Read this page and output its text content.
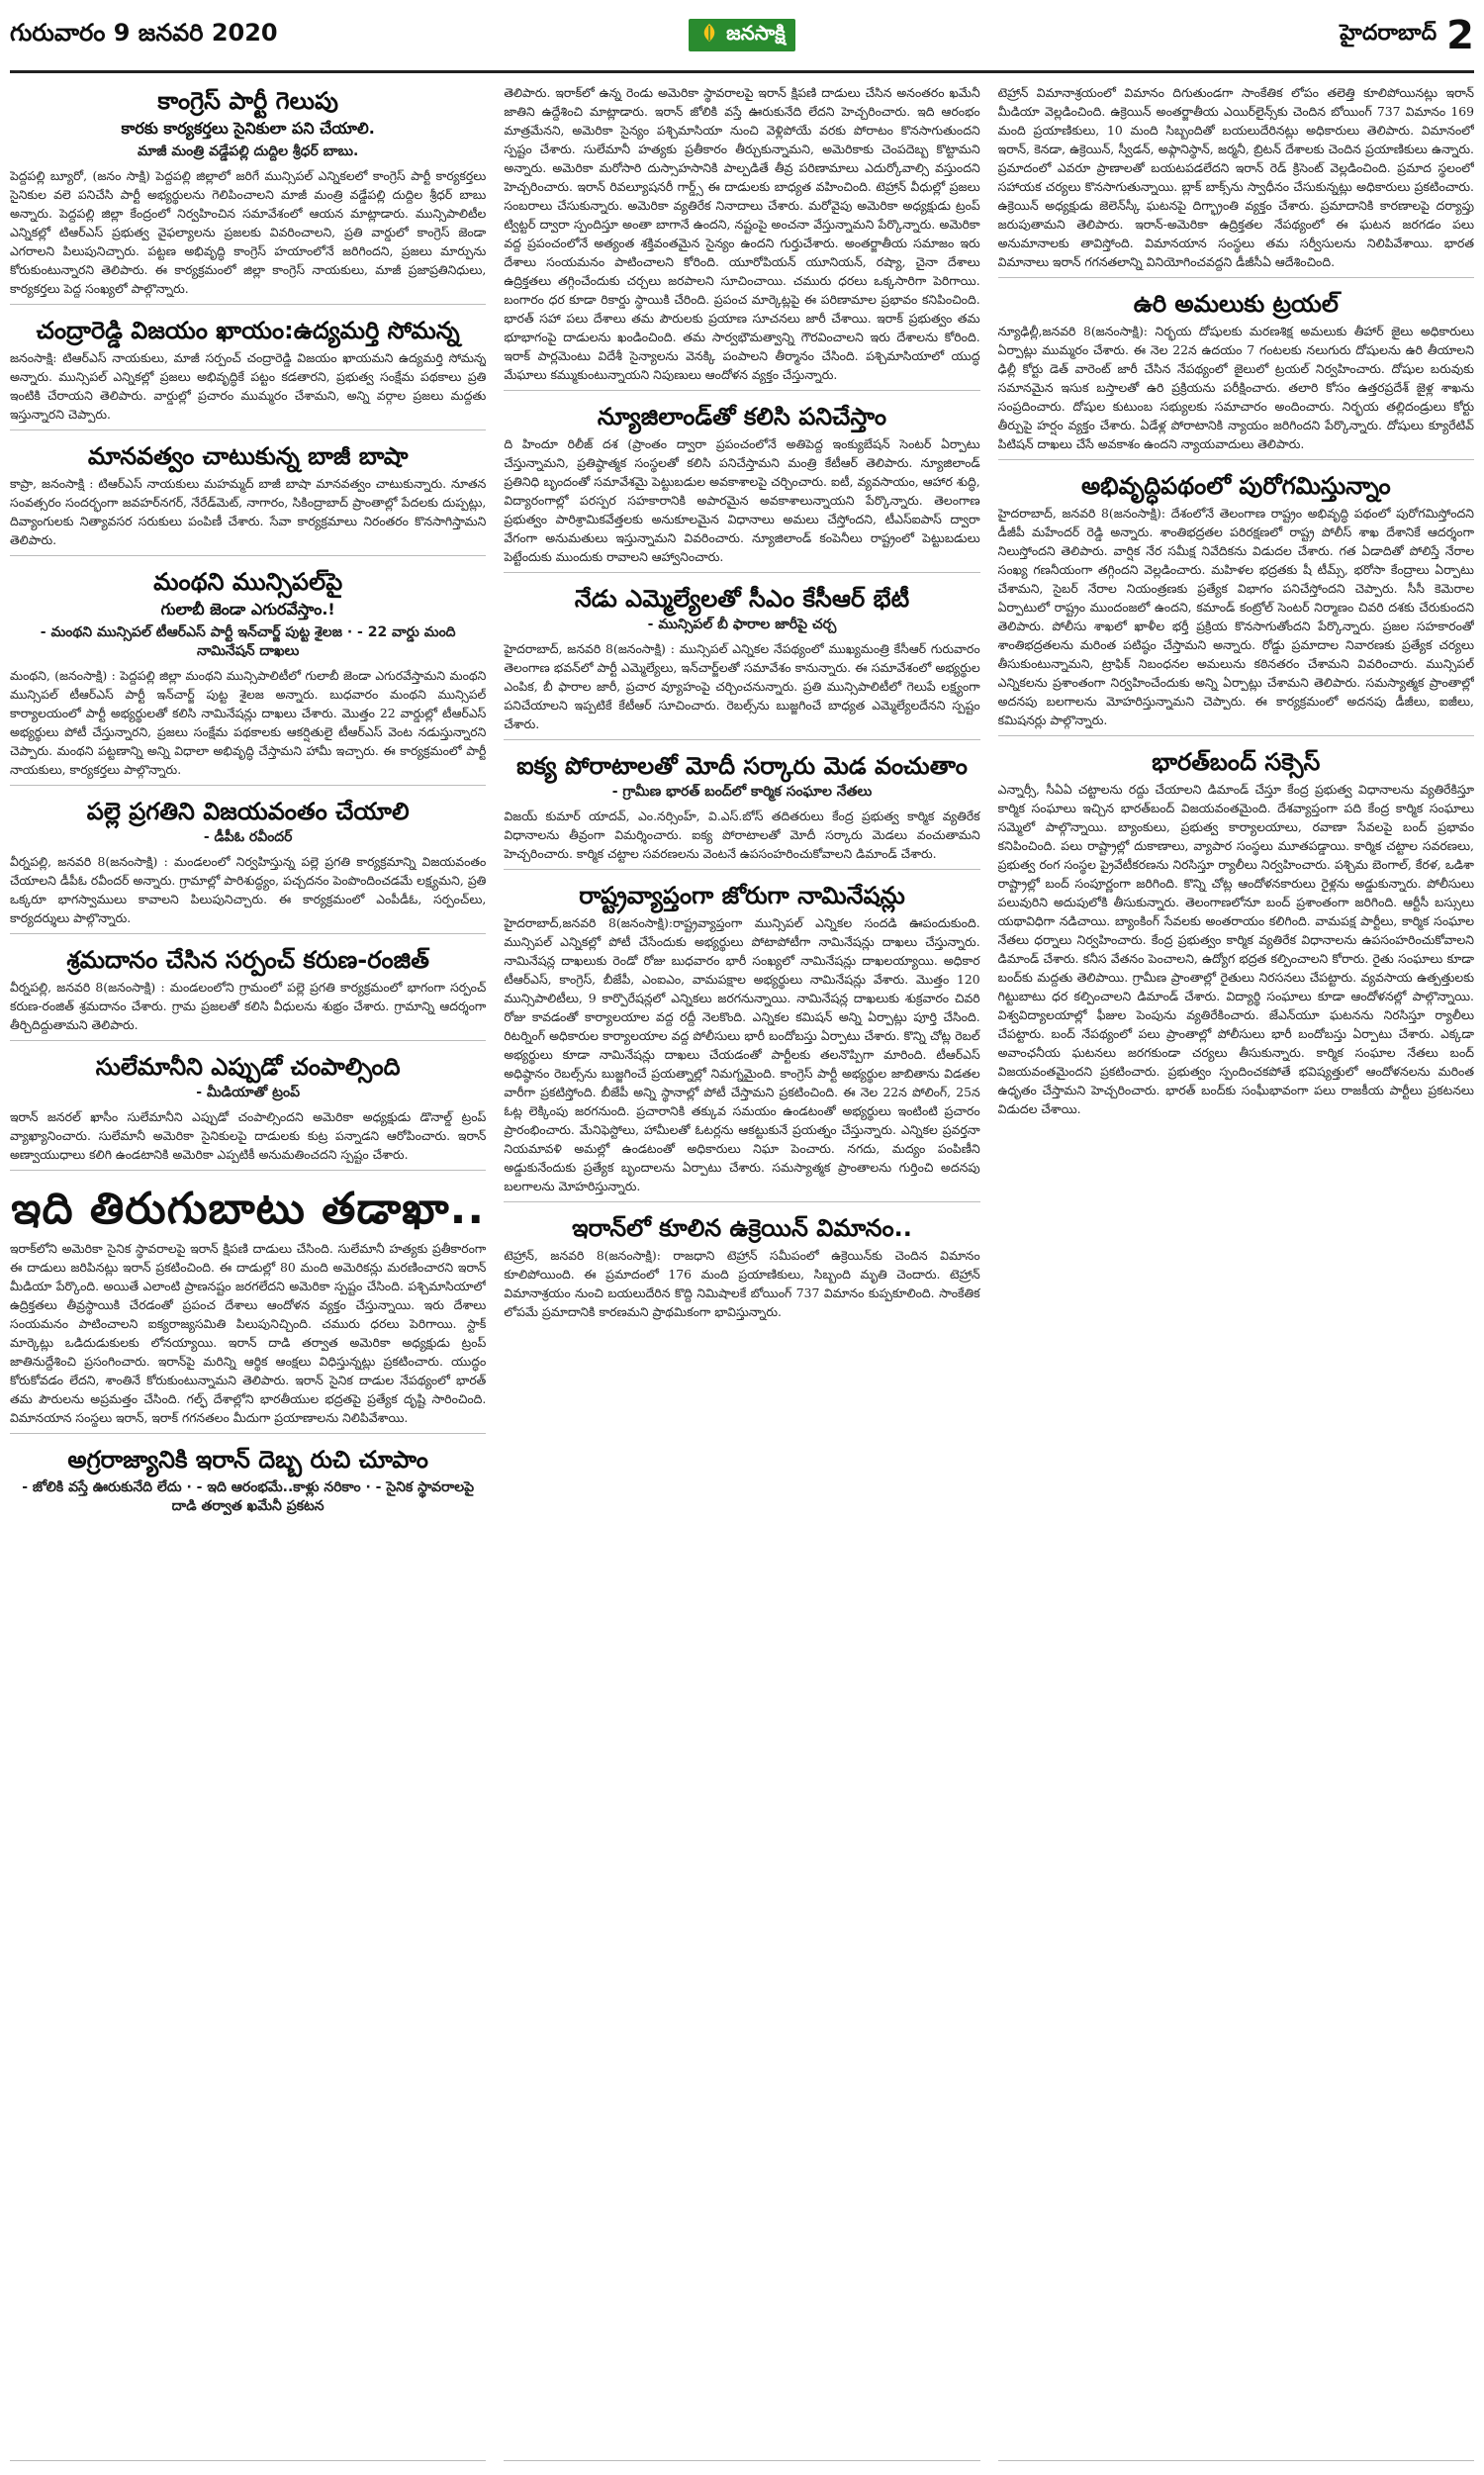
గురువారం 9 జనవరి 2020	జనసాక్షి	హైదరాబాద్ 2
కాంగ్రెస్‌ పార్టీ గెలుపు
కారకు కార్యకర్తలు సైనికులా పని చేయాలి.
మాజీ మంత్రి వడ్డేపల్లి దుద్దిల శ్రీధర్‌ బాబు.
పెద్దపల్లి బ్యూరో, (జనం సాక్షి) పెద్దపల్లి జిల్లాలో జరిగే మున్సిపల్‌ ఎన్నికలలో కాంగ్రెస్‌ పార్టీ కార్యకర్తలు సైనికుల వలె పనిచేసి పార్టీ అభ్యర్థులను గెలిపించాలని మాజీ మంత్రి వడ్డేపల్లి దుద్దిల శ్రీధర్‌ బాబు అన్నారు. పెద్దపల్లి జిల్లా కేంద్రంలో నిర్వహించిన సమావేశంలో ఆయన మాట్లాడారు. మున్సిపాలిటీల ఎన్నికల్లో టిఆర్‌ఎస్‌ ప్రభుత్వ వైఫల్యాలను ప్రజలకు వివరించాలని, ప్రతి వార్డులో కాంగ్రెస్‌ జెండా ఎగరాలని పిలుపునిచ్చారు. పట్టణ అభివృద్ధి కాంగ్రెస్‌ హయాంలోనే జరిగిందని, ప్రజలు మార్పును కోరుకుంటున్నారని తెలిపారు. ఈ కార్యక్రమంలో జిల్లా కాంగ్రెస్‌ నాయకులు, మాజీ ప్రజాప్రతినిధులు, కార్యకర్తలు పెద్ద సంఖ్యలో పాల్గొన్నారు.
చంద్రారెడ్డి విజయం ఖాయం:ఉద్యమర్తి సోమన్న
జనంసాక్షి: టిఆర్‌ఎస్‌ నాయకులు, మాజీ సర్పంచ్‌ చంద్రారెడ్డి విజయం ఖాయమని ఉద్యమర్తి సోమన్న అన్నారు. మున్సిపల్‌ ఎన్నికల్లో ప్రజలు అభివృద్ధికే పట్టం కడతారని, ప్రభుత్వ సంక్షేమ పథకాలు ప్రతి ఇంటికి చేరాయని తెలిపారు. వార్డుల్లో ప్రచారం ముమ్మరం చేశామని, అన్ని వర్గాల ప్రజలు మద్దతు ఇస్తున్నారని చెప్పారు.
మానవత్వం చాటుకున్న బాజీ బాషా
కాప్రా, జనంసాక్షి : టిఆర్‌ఎస్‌ నాయకులు మహమ్మద్‌ బాజీ బాషా మానవత్వం చాటుకున్నారు. నూతన సంవత్సరం సందర్భంగా జవహర్‌నగర్‌, నేరేడ్‌మెట్‌, నాగారం, సికింద్రాబాద్‌ ప్రాంతాల్లో పేదలకు దుప్పట్లు, దివ్యాంగులకు నిత్యావసర సరుకులు పంపిణీ చేశారు. సేవా కార్యక్రమాలు నిరంతరం కొనసాగిస్తామని తెలిపారు.
మంథని మున్సిపల్‌పై
గులాబీ జెండా ఎగురవేస్తాం.!
- మంథని మున్సిపల్‌ టీఆర్‌ఎస్‌ పార్టీ ఇన్‌చార్జ్‌ పుట్ట శైలజ · - 22 వార్డు మంది నామినేషన్‌ దాఖలు
మంథని, (జనంసాక్షి) : పెద్దపల్లి జిల్లా మంథని మున్సిపాలిటీలో గులాబీ జెండా ఎగురవేస్తామని మంథని మున్సిపల్‌ టీఆర్‌ఎస్‌ పార్టీ ఇన్‌చార్జ్‌ పుట్ట శైలజ అన్నారు. బుధవారం మంథని మున్సిపల్‌ కార్యాలయంలో పార్టీ అభ్యర్థులతో కలిసి నామినేషన్లు దాఖలు చేశారు. మొత్తం 22 వార్డుల్లో టీఆర్‌ఎస్‌ అభ్యర్థులు పోటీ చేస్తున్నారని, ప్రజలు సంక్షేమ పథకాలకు ఆకర్షితులై టీఆర్‌ఎస్‌ వెంట నడుస్తున్నారని చెప్పారు. మంథని పట్టణాన్ని అన్ని విధాలా అభివృద్ధి చేస్తామని హామీ ఇచ్చారు. ఈ కార్యక్రమంలో పార్టీ నాయకులు, కార్యకర్తలు పాల్గొన్నారు.
పల్లె ప్రగతిని విజయవంతం చేయాలి
- డీపీఓ రవీందర్‌
వీర్నపల్లి, జనవరి 8(జనంసాక్షి) : మండలంలో నిర్వహిస్తున్న పల్లె ప్రగతి కార్యక్రమాన్ని విజయవంతం చేయాలని డీపీఓ రవీందర్‌ అన్నారు. గ్రామాల్లో పారిశుద్ధ్యం, పచ్చదనం పెంపొందించడమే లక్ష్యమని, ప్రతి ఒక్కరూ భాగస్వాములు కావాలని పిలుపునిచ్చారు. ఈ కార్యక్రమంలో ఎంపీడీఓ, సర్పంచ్‌లు, కార్యదర్శులు పాల్గొన్నారు.
శ్రమదానం చేసిన సర్పంచ్‌ కరుణ-రంజిత్‌
వీర్నపల్లి, జనవరి 8(జనంసాక్షి) : మండలంలోని గ్రామంలో పల్లె ప్రగతి కార్యక్రమంలో భాగంగా సర్పంచ్‌ కరుణ-రంజిత్‌ శ్రమదానం చేశారు. గ్రామ ప్రజలతో కలిసి వీధులను శుభ్రం చేశారు. గ్రామాన్ని ఆదర్శంగా తీర్చిదిద్దుతామని తెలిపారు.
సులేమానీని ఎప్పుడో చంపాల్సింది
- మీడియాతో ట్రంప్‌
ఇరాన్‌ జనరల్‌ ఖాసీం సులేమానీని ఎప్పుడో చంపాల్సిందని అమెరికా అధ్యక్షుడు డొనాల్డ్‌ ట్రంప్‌ వ్యాఖ్యానించారు. సులేమానీ అమెరికా సైనికులపై దాడులకు కుట్ర పన్నాడని ఆరోపించారు. ఇరాన్‌ అణ్వాయుధాలు కలిగి ఉండటానికి అమెరికా ఎప్పటికీ అనుమతించదని స్పష్టం చేశారు.
ఇది తిరుగుబాటు తడాఖా..
ఇరాక్‌లోని అమెరికా సైనిక స్థావరాలపై ఇరాన్‌ క్షిపణి దాడులు చేసింది. సులేమానీ హత్యకు ప్రతీకారంగా ఈ దాడులు జరిపినట్లు ఇరాన్‌ ప్రకటించింది. ఈ దాడుల్లో 80 మంది అమెరికన్లు మరణించారని ఇరాన్‌ మీడియా పేర్కొంది. అయితే ఎలాంటి ప్రాణనష్టం జరగలేదని అమెరికా స్పష్టం చేసింది. పశ్చిమాసియాలో ఉద్రిక్తతలు తీవ్రస్థాయికి చేరడంతో ప్రపంచ దేశాలు ఆందోళన వ్యక్తం చేస్తున్నాయి. ఇరు దేశాలు సంయమనం పాటించాలని ఐక్యరాజ్యసమితి పిలుపునిచ్చింది. చమురు ధరలు పెరిగాయి. స్టాక్‌ మార్కెట్లు ఒడిదుడుకులకు లోనయ్యాయి. ఇరాన్‌ దాడి తర్వాత అమెరికా అధ్యక్షుడు ట్రంప్‌ జాతినుద్దేశించి ప్రసంగించారు. ఇరాన్‌పై మరిన్ని ఆర్థిక ఆంక్షలు విధిస్తున్నట్లు ప్రకటించారు. యుద్ధం కోరుకోవడం లేదని, శాంతినే కోరుకుంటున్నామని తెలిపారు. ఇరాన్‌ సైనిక దాడుల నేపథ్యంలో భారత్‌ తమ పౌరులను అప్రమత్తం చేసింది. గల్ఫ్‌ దేశాల్లోని భారతీయుల భద్రతపై ప్రత్యేక దృష్టి సారించింది. విమానయాన సంస్థలు ఇరాన్‌, ఇరాక్‌ గగనతలం మీదుగా ప్రయాణాలను నిలిపివేశాయి.
అగ్రరాజ్యానికి ఇరాన్‌ దెబ్బ రుచి చూపాం
- జోలికి వస్తే ఊరుకునేది లేదు · - ఇది ఆరంభమే..కాళ్లు నరికాం · - సైనిక స్థావరాలపై దాడి తర్వాత ఖమేనీ ప్రకటన
తెలిపారు. ఇరాక్‌లో ఉన్న రెండు అమెరికా స్థావరాలపై ఇరాన్‌ క్షిపణి దాడులు చేసిన అనంతరం ఖమేనీ జాతిని ఉద్దేశించి మాట్లాడారు. ఇరాన్‌ జోలికి వస్తే ఊరుకునేది లేదని హెచ్చరించారు. ఇది ఆరంభం మాత్రమేనని, అమెరికా సైన్యం పశ్చిమాసియా నుంచి వెళ్లిపోయే వరకు పోరాటం కొనసాగుతుందని స్పష్టం చేశారు. సులేమానీ హత్యకు ప్రతీకారం తీర్చుకున్నామని, అమెరికాకు చెంపదెబ్బ కొట్టామని అన్నారు. అమెరికా మరోసారి దుస్సాహసానికి పాల్పడితే తీవ్ర పరిణామాలు ఎదుర్కోవాల్సి వస్తుందని హెచ్చరించారు. ఇరాన్‌ రివల్యూషనరీ గార్డ్స్‌ ఈ దాడులకు బాధ్యత వహించింది. టెహ్రాన్‌ వీధుల్లో ప్రజలు సంబరాలు చేసుకున్నారు. అమెరికా వ్యతిరేక నినాదాలు చేశారు. మరోవైపు అమెరికా అధ్యక్షుడు ట్రంప్‌ ట్విట్టర్‌ ద్వారా స్పందిస్తూ అంతా బాగానే ఉందని, నష్టంపై అంచనా వేస్తున్నామని పేర్కొన్నారు. అమెరికా వద్ద ప్రపంచంలోనే అత్యంత శక్తివంతమైన సైన్యం ఉందని గుర్తుచేశారు. అంతర్జాతీయ సమాజం ఇరు దేశాలు సంయమనం పాటించాలని కోరింది. యూరోపియన్‌ యూనియన్‌, రష్యా, చైనా దేశాలు ఉద్రిక్తతలు తగ్గించేందుకు చర్చలు జరపాలని సూచించాయి. చమురు ధరలు ఒక్కసారిగా పెరిగాయి. బంగారం ధర కూడా రికార్డు స్థాయికి చేరింది. ప్రపంచ మార్కెట్లపై ఈ పరిణామాల ప్రభావం కనిపించింది. భారత్‌ సహా పలు దేశాలు తమ పౌరులకు ప్రయాణ సూచనలు జారీ చేశాయి. ఇరాక్‌ ప్రభుత్వం తమ భూభాగంపై దాడులను ఖండించింది. తమ సార్వభౌమత్వాన్ని గౌరవించాలని ఇరు దేశాలను కోరింది. ఇరాక్‌ పార్లమెంటు విదేశీ సైన్యాలను వెనక్కి పంపాలని తీర్మానం చేసింది. పశ్చిమాసియాలో యుద్ధ మేఘాలు కమ్ముకుంటున్నాయని నిపుణులు ఆందోళన వ్యక్తం చేస్తున్నారు.
న్యూజిలాండ్‌తో కలిసి పనిచేస్తాం
ది హిందూ రిలీజ్‌ దశ (ప్రాంతం ద్వారా ప్రపంచంలోనే అతిపెద్ద ఇంక్యుబేషన్‌ సెంటర్‌ ఏర్పాటు చేస్తున్నామని, ప్రతిష్ఠాత్మక సంస్థలతో కలిసి పనిచేస్తామని మంత్రి కేటీఆర్‌ తెలిపారు. న్యూజిలాండ్‌ ప్రతినిధి బృందంతో సమావేశమై పెట్టుబడుల అవకాశాలపై చర్చించారు. ఐటీ, వ్యవసాయం, ఆహార శుద్ధి, విద్యారంగాల్లో పరస్పర సహకారానికి అపారమైన అవకాశాలున్నాయని పేర్కొన్నారు. తెలంగాణ ప్రభుత్వం పారిశ్రామికవేత్తలకు అనుకూలమైన విధానాలు అమలు చేస్తోందని, టీఎస్‌ఐపాస్‌ ద్వారా వేగంగా అనుమతులు ఇస్తున్నామని వివరించారు. న్యూజిలాండ్‌ కంపెనీలు రాష్ట్రంలో పెట్టుబడులు పెట్టేందుకు ముందుకు రావాలని ఆహ్వానించారు.
నేడు ఎమ్మెల్యేలతో సీఎం కేసీఆర్‌ భేటీ
- మున్సిపల్‌ బీ ఫారాల జారీపై చర్చ
హైదరాబాద్‌, జనవరి 8(జనంసాక్షి) : మున్సిపల్‌ ఎన్నికల నేపథ్యంలో ముఖ్యమంత్రి కేసీఆర్‌ గురువారం తెలంగాణ భవన్‌లో పార్టీ ఎమ్మెల్యేలు, ఇన్‌చార్జ్‌లతో సమావేశం కానున్నారు. ఈ సమావేశంలో అభ్యర్థుల ఎంపిక, బీ ఫారాల జారీ, ప్రచార వ్యూహంపై చర్చించనున్నారు. ప్రతి మున్సిపాలిటీలో గెలుపే లక్ష్యంగా పనిచేయాలని ఇప్పటికే కేటీఆర్‌ సూచించారు. రెబల్స్‌ను బుజ్జగించే బాధ్యత ఎమ్మెల్యేలదేనని స్పష్టం చేశారు.
ఐక్య పోరాటాలతో మోదీ సర్కారు మెడ వంచుతాం
- గ్రామీణ భారత్‌ బంద్‌లో కార్మిక సంఘాల నేతలు
విజయ్‌ కుమార్‌ యాదవ్‌, ఎం.నర్సింహ్‌, వి.ఎస్‌.బోస్‌ తదితరులు కేంద్ర ప్రభుత్వ కార్మిక వ్యతిరేక విధానాలను తీవ్రంగా విమర్శించారు. ఐక్య పోరాటాలతో మోదీ సర్కారు మెడలు వంచుతామని హెచ్చరించారు. కార్మిక చట్టాల సవరణలను వెంటనే ఉపసంహరించుకోవాలని డిమాండ్‌ చేశారు.
రాష్ట్రవ్యాప్తంగా జోరుగా నామినేషన్లు
హైదరాబాద్‌,జనవరి 8(జనంసాక్షి):రాష్ట్రవ్యాప్తంగా మున్సిపల్‌ ఎన్నికల సందడి ఊపందుకుంది. మున్సిపల్‌ ఎన్నికల్లో పోటీ చేసేందుకు అభ్యర్థులు పోటాపోటీగా నామినేషన్లు దాఖలు చేస్తున్నారు. నామినేషన్ల దాఖలుకు రెండో రోజు బుధవారం భారీ సంఖ్యలో నామినేషన్లు దాఖలయ్యాయి. అధికార టీఆర్‌ఎస్‌, కాంగ్రెస్‌, బీజేపీ, ఎంఐఎం, వామపక్షాల అభ్యర్థులు నామినేషన్లు వేశారు. మొత్తం 120 మున్సిపాలిటీలు, 9 కార్పొరేషన్లలో ఎన్నికలు జరగనున్నాయి. నామినేషన్ల దాఖలుకు శుక్రవారం చివరి రోజు కావడంతో కార్యాలయాల వద్ద రద్దీ నెలకొంది. ఎన్నికల కమిషన్‌ అన్ని ఏర్పాట్లు పూర్తి చేసింది. రిటర్నింగ్‌ అధికారుల కార్యాలయాల వద్ద పోలీసులు భారీ బందోబస్తు ఏర్పాటు చేశారు. కొన్ని చోట్ల రెబల్‌ అభ్యర్థులు కూడా నామినేషన్లు దాఖలు చేయడంతో పార్టీలకు తలనొప్పిగా మారింది. టీఆర్‌ఎస్‌ అధిష్ఠానం రెబల్స్‌ను బుజ్జగించే ప్రయత్నాల్లో నిమగ్నమైంది. కాంగ్రెస్‌ పార్టీ అభ్యర్థుల జాబితాను విడతల వారీగా ప్రకటిస్తోంది. బీజేపీ అన్ని స్థానాల్లో పోటీ చేస్తామని ప్రకటించింది. ఈ నెల 22న పోలింగ్‌, 25న ఓట్ల లెక్కింపు జరగనుంది. ప్రచారానికి తక్కువ సమయం ఉండటంతో అభ్యర్థులు ఇంటింటి ప్రచారం ప్రారంభించారు. మేనిఫెస్టోలు, హామీలతో ఓటర్లను ఆకట్టుకునే ప్రయత్నం చేస్తున్నారు. ఎన్నికల ప్రవర్తనా నియమావళి అమల్లో ఉండటంతో అధికారులు నిఘా పెంచారు. నగదు, మద్యం పంపిణీని అడ్డుకునేందుకు ప్రత్యేక బృందాలను ఏర్పాటు చేశారు. సమస్యాత్మక ప్రాంతాలను గుర్తించి అదనపు బలగాలను మోహరిస్తున్నారు.
ఇరాన్‌లో కూలిన ఉక్రెయిన్‌ విమానం..
టెహ్రాన్‌, జనవరి 8(జనంసాక్షి): రాజధాని టెహ్రాన్‌ సమీపంలో ఉక్రెయిన్‌కు చెందిన విమానం కూలిపోయింది. ఈ ప్రమాదంలో 176 మంది ప్రయాణికులు, సిబ్బంది మృతి చెందారు. టెహ్రాన్‌ విమానాశ్రయం నుంచి బయలుదేరిన కొద్ది నిమిషాలకే బోయింగ్‌ 737 విమానం కుప్పకూలింది. సాంకేతిక లోపమే ప్రమాదానికి కారణమని ప్రాథమికంగా భావిస్తున్నారు.
టెహ్రాన్‌ విమానాశ్రయంలో విమానం దిగుతుండగా సాంకేతిక లోపం తలెత్తి కూలిపోయినట్లు ఇరాన్‌ మీడియా వెల్లడించింది. ఉక్రెయిన్‌ అంతర్జాతీయ ఎయిర్‌లైన్స్‌కు చెందిన బోయింగ్‌ 737 విమానం 169 మంది ప్రయాణికులు, 10 మంది సిబ్బందితో బయలుదేరినట్లు అధికారులు తెలిపారు. విమానంలో ఇరాన్‌, కెనడా, ఉక్రెయిన్‌, స్వీడన్‌, అఫ్గానిస్థాన్‌, జర్మనీ, బ్రిటన్‌ దేశాలకు చెందిన ప్రయాణికులు ఉన్నారు. ప్రమాదంలో ఎవరూ ప్రాణాలతో బయటపడలేదని ఇరాన్‌ రెడ్‌ క్రిసెంట్‌ వెల్లడించింది. ప్రమాద స్థలంలో సహాయక చర్యలు కొనసాగుతున్నాయి. బ్లాక్‌ బాక్స్‌ను స్వాధీనం చేసుకున్నట్లు అధికారులు ప్రకటించారు. ఉక్రెయిన్‌ అధ్యక్షుడు జెలెన్‌స్కీ ఘటనపై దిగ్భ్రాంతి వ్యక్తం చేశారు. ప్రమాదానికి కారణాలపై దర్యాప్తు జరుపుతామని తెలిపారు. ఇరాన్‌-అమెరికా ఉద్రిక్తతల నేపథ్యంలో ఈ ఘటన జరగడం పలు అనుమానాలకు తావిస్తోంది. విమానయాన సంస్థలు తమ సర్వీసులను నిలిపివేశాయి. భారత విమానాలు ఇరాన్‌ గగనతలాన్ని వినియోగించవద్దని డీజీసీఏ ఆదేశించింది.
ఉరి అమలుకు ట్రయల్‌
న్యూఢిల్లీ,జనవరి 8(జనంసాక్షి): నిర్భయ దోషులకు మరణశిక్ష అమలుకు తీహార్‌ జైలు అధికారులు ఏర్పాట్లు ముమ్మరం చేశారు. ఈ నెల 22న ఉదయం 7 గంటలకు నలుగురు దోషులను ఉరి తీయాలని ఢిల్లీ కోర్టు డెత్‌ వారెంట్‌ జారీ చేసిన నేపథ్యంలో జైలులో ట్రయల్‌ నిర్వహించారు. దోషుల బరువుకు సమానమైన ఇసుక బస్తాలతో ఉరి ప్రక్రియను పరీక్షించారు. తలారి కోసం ఉత్తరప్రదేశ్‌ జైళ్ల శాఖను సంప్రదించారు. దోషుల కుటుంబ సభ్యులకు సమాచారం అందించారు. నిర్భయ తల్లిదండ్రులు కోర్టు తీర్పుపై హర్షం వ్యక్తం చేశారు. ఏడేళ్ల పోరాటానికి న్యాయం జరిగిందని పేర్కొన్నారు. దోషులు క్యూరేటివ్‌ పిటిషన్‌ దాఖలు చేసే అవకాశం ఉందని న్యాయవాదులు తెలిపారు.
అభివృద్ధిపథంలో పురోగమిస్తున్నాం
హైదరాబాద్‌, జనవరి 8(జనంసాక్షి): దేశంలోనే తెలంగాణ రాష్ట్రం అభివృద్ధి పథంలో పురోగమిస్తోందని డీజీపీ మహేందర్‌ రెడ్డి అన్నారు. శాంతిభద్రతల పరిరక్షణలో రాష్ట్ర పోలీస్‌ శాఖ దేశానికే ఆదర్శంగా నిలుస్తోందని తెలిపారు. వార్షిక నేర సమీక్ష నివేదికను విడుదల చేశారు. గత ఏడాదితో పోలిస్తే నేరాల సంఖ్య గణనీయంగా తగ్గిందని వెల్లడించారు. మహిళల భద్రతకు షీ టీమ్స్‌, భరోసా కేంద్రాలు ఏర్పాటు చేశామని, సైబర్‌ నేరాల నియంత్రణకు ప్రత్యేక విభాగం పనిచేస్తోందని చెప్పారు. సీసీ కెమెరాల ఏర్పాటులో రాష్ట్రం ముందంజలో ఉందని, కమాండ్‌ కంట్రోల్‌ సెంటర్‌ నిర్మాణం చివరి దశకు చేరుకుందని తెలిపారు. పోలీసు శాఖలో ఖాళీల భర్తీ ప్రక్రియ కొనసాగుతోందని పేర్కొన్నారు. ప్రజల సహకారంతో శాంతిభద్రతలను మరింత పటిష్ఠం చేస్తామని అన్నారు. రోడ్డు ప్రమాదాల నివారణకు ప్రత్యేక చర్యలు తీసుకుంటున్నామని, ట్రాఫిక్‌ నిబంధనల అమలును కఠినతరం చేశామని వివరించారు. మున్సిపల్‌ ఎన్నికలను ప్రశాంతంగా నిర్వహించేందుకు అన్ని ఏర్పాట్లు చేశామని తెలిపారు. సమస్యాత్మక ప్రాంతాల్లో అదనపు బలగాలను మోహరిస్తున్నామని చెప్పారు. ఈ కార్యక్రమంలో అదనపు డీజీలు, ఐజీలు, కమిషనర్లు పాల్గొన్నారు.
భారత్‌బంద్‌ సక్సెస్‌
ఎన్నార్సీ, సీఏఏ చట్టాలను రద్దు చేయాలని డిమాండ్‌ చేస్తూ కేంద్ర ప్రభుత్వ విధానాలను వ్యతిరేకిస్తూ కార్మిక సంఘాలు ఇచ్చిన భారత్‌బంద్‌ విజయవంతమైంది. దేశవ్యాప్తంగా పది కేంద్ర కార్మిక సంఘాలు సమ్మెలో పాల్గొన్నాయి. బ్యాంకులు, ప్రభుత్వ కార్యాలయాలు, రవాణా సేవలపై బంద్‌ ప్రభావం కనిపించింది. పలు రాష్ట్రాల్లో దుకాణాలు, వ్యాపార సంస్థలు మూతపడ్డాయి. కార్మిక చట్టాల సవరణలు, ప్రభుత్వ రంగ సంస్థల ప్రైవేటీకరణను నిరసిస్తూ ర్యాలీలు నిర్వహించారు. పశ్చిమ బెంగాల్‌, కేరళ, ఒడిశా రాష్ట్రాల్లో బంద్‌ సంపూర్ణంగా జరిగింది. కొన్ని చోట్ల ఆందోళనకారులు రైళ్లను అడ్డుకున్నారు. పోలీసులు పలువురిని అదుపులోకి తీసుకున్నారు. తెలంగాణలోనూ బంద్‌ ప్రశాంతంగా జరిగింది. ఆర్టీసీ బస్సులు యథావిధిగా నడిచాయి. బ్యాంకింగ్‌ సేవలకు అంతరాయం కలిగింది. వామపక్ష పార్టీలు, కార్మిక సంఘాల నేతలు ధర్నాలు నిర్వహించారు. కేంద్ర ప్రభుత్వం కార్మిక వ్యతిరేక విధానాలను ఉపసంహరించుకోవాలని డిమాండ్‌ చేశారు. కనీస వేతనం పెంచాలని, ఉద్యోగ భద్రత కల్పించాలని కోరారు. రైతు సంఘాలు కూడా బంద్‌కు మద్దతు తెలిపాయి. గ్రామీణ ప్రాంతాల్లో రైతులు నిరసనలు చేపట్టారు. వ్యవసాయ ఉత్పత్తులకు గిట్టుబాటు ధర కల్పించాలని డిమాండ్‌ చేశారు. విద్యార్థి సంఘాలు కూడా ఆందోళనల్లో పాల్గొన్నాయి. విశ్వవిద్యాలయాల్లో ఫీజుల పెంపును వ్యతిరేకించారు. జేఎన్‌యూ ఘటనను నిరసిస్తూ ర్యాలీలు చేపట్టారు. బంద్‌ నేపథ్యంలో పలు ప్రాంతాల్లో పోలీసులు భారీ బందోబస్తు ఏర్పాటు చేశారు. ఎక్కడా అవాంఛనీయ ఘటనలు జరగకుండా చర్యలు తీసుకున్నారు. కార్మిక సంఘాల నేతలు బంద్‌ విజయవంతమైందని ప్రకటించారు. ప్రభుత్వం స్పందించకపోతే భవిష్యత్తులో ఆందోళనలను మరింత ఉధృతం చేస్తామని హెచ్చరించారు. భారత్‌ బంద్‌కు సంఘీభావంగా పలు రాజకీయ పార్టీలు ప్రకటనలు విడుదల చేశాయి.
